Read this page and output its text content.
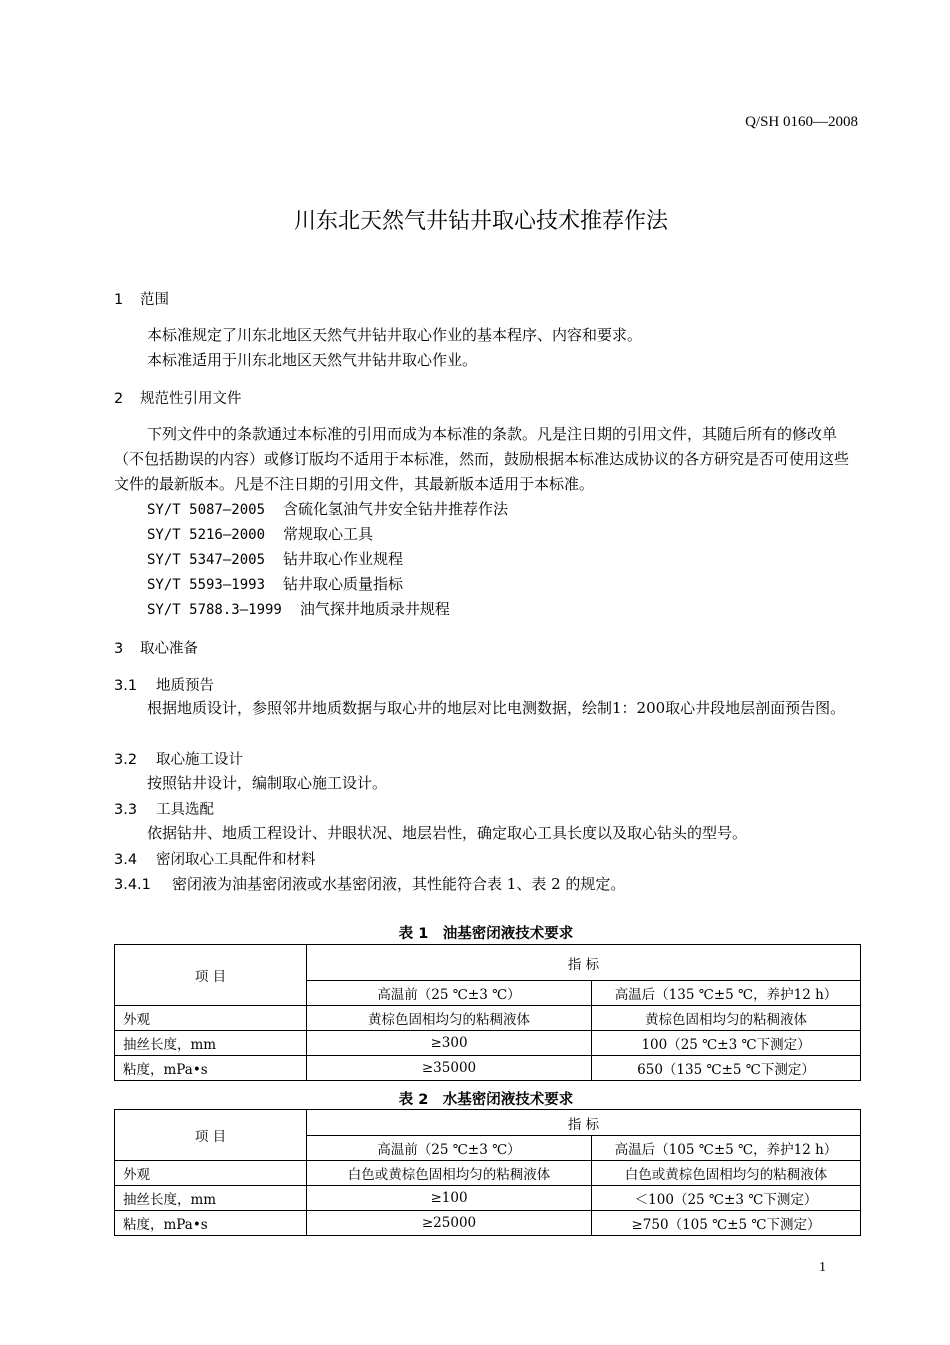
Q/SH 0160—2008
川东北天然气井钻井取心技术推荐作法
1 范围
本标准规定了川东北地区天然气井钻井取心作业的基本程序、内容和要求。
本标准适用于川东北地区天然气井钻井取心作业。
2 规范性引用文件
下列文件中的条款通过本标准的引用而成为本标准的条款。凡是注日期的引用文件，其随后所有的修改单（不包括勘误的内容）或修订版均不适用于本标准，然而，鼓励根据本标准达成协议的各方研究是否可使用这些文件的最新版本。凡是不注日期的引用文件，其最新版本适用于本标准。
SY/T 5087—2005 含硫化氢油气井安全钻井推荐作法
SY/T 5216—2000 常规取心工具
SY/T 5347—2005 钻井取心作业规程
SY/T 5593—1993 钻井取心质量指标
SY/T 5788.3—1999 油气探井地质录井规程
3 取心准备
3.1 地质预告
根据地质设计，参照邻井地质数据与取心井的地层对比电测数据，绘制1：200取心井段地层剖面预告图。
3.2 取心施工设计
按照钻井设计，编制取心施工设计。
3.3 工具选配
依据钻井、地质工程设计、井眼状况、地层岩性，确定取心工具长度以及取心钻头的型号。
3.4 密闭取心工具配件和材料
3.4.1 密闭液为油基密闭液或水基密闭液，其性能符合表 1、表 2 的规定。
表 1　油基密闭液技术要求
项 目	指 标	
	高温前（25 ℃±3 ℃）	高温后（135 ℃±5 ℃，养护12 h）
外观	黄棕色固相均匀的粘稠液体	黄棕色固相均匀的粘稠液体
抽丝长度，mm	≥300	100（25 ℃±3 ℃下测定）
粘度，mPa•s	≥35000	650（135 ℃±5 ℃下测定）
表 2　水基密闭液技术要求
项 目	指 标	
	高温前（25 ℃±3 ℃）	高温后（105 ℃±5 ℃，养护12 h）
外观	白色或黄棕色固相均匀的粘稠液体	白色或黄棕色固相均匀的粘稠液体
抽丝长度，mm	≥100	＜100（25 ℃±3 ℃下测定）
粘度，mPa•s	≥25000	≥750（105 ℃±5 ℃下测定）
1
